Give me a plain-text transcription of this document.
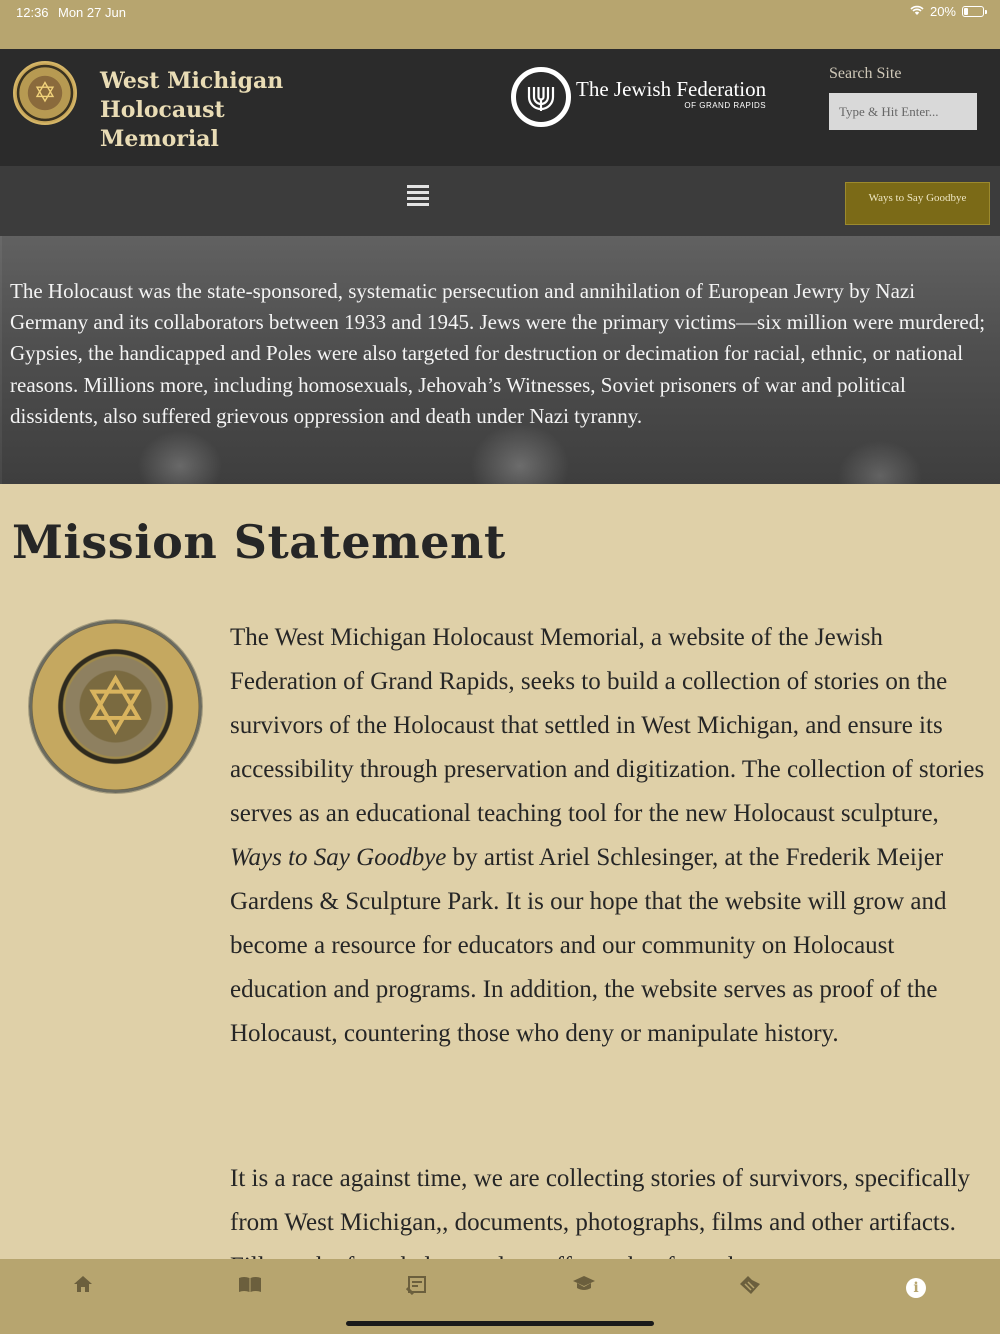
12:36 Mon 27 Jun	20%
✡	West Michigan
Holocaust
Memorial
The Jewish Federation
OF GRAND RAPIDS
Search Site
Type & Hit Enter...
Ways to Say Goodbye

The Holocaust was the state-sponsored, systematic persecution and annihilation of European Jewry by Nazi Germany and its collaborators between 1933 and 1945. Jews were the primary victims—six million were murdered; Gypsies, the handicapped and Poles were also targeted for destruction or decimation for racial, ethnic, or national reasons. Millions more, including homosexuals, Jehovah’s Witnesses, Soviet prisoners of war and political dissidents, also suffered grievous oppression and death under Nazi tyranny.

Mission Statement
✡

The West Michigan Holocaust Memorial, a website of the Jewish Federation of Grand Rapids, seeks to build a collection of stories on the survivors of the Holocaust that settled in West Michigan, and ensure its accessibility through preservation and digitization. The collection of stories serves as an educational teaching tool for the new Holocaust sculpture, Ways to Say Goodbye by artist Ariel Schlesinger, at the Frederik Meijer Gardens & Sculpture Park. It is our hope that the website will grow and become a resource for educators and our community on Holocaust education and programs. In addition, the website serves as proof of the Holocaust, countering those who deny or manipulate history.

It is a race against time, we are collecting stories of survivors, specifically from West Michigan,, documents, photographs, films and other artifacts.

i
